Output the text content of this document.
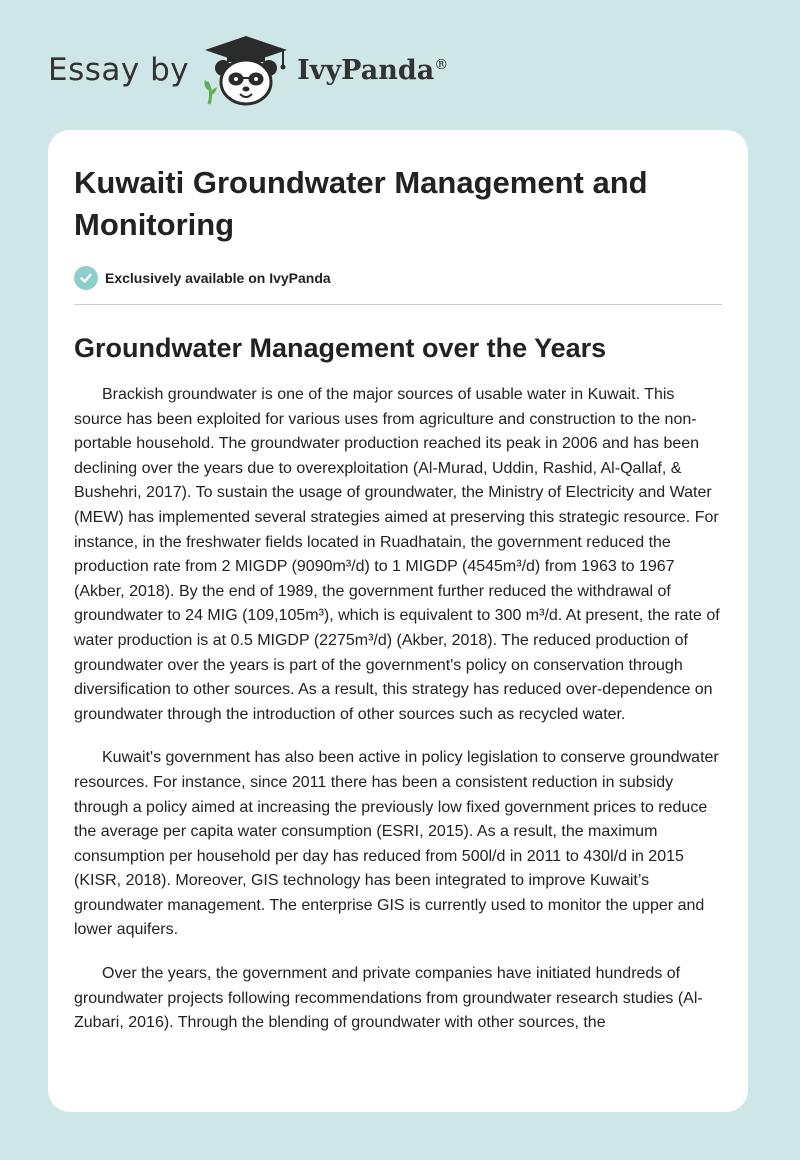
Essay by	IvyPanda®
Kuwaiti Groundwater Management and Monitoring
Exclusively available on IvyPanda
Groundwater Management over the Years

Brackish groundwater is one of the major sources of usable water in Kuwait. This source has been exploited for various uses from agriculture and construction to the non-portable household. The groundwater production reached its peak in 2006 and has been declining over the years due to overexploitation (Al-Murad, Uddin, Rashid, Al-Qallaf, & Bushehri, 2017). To sustain the usage of groundwater, the Ministry of Electricity and Water (MEW) has implemented several strategies aimed at preserving this strategic resource. For instance, in the freshwater fields located in Ruadhatain, the government reduced the production rate from 2 MIGDP (9090m³/d) to 1 MIGDP (4545m³/d) from 1963 to 1967 (Akber, 2018). By the end of 1989, the government further reduced the withdrawal of groundwater to 24 MIG (109,105m³), which is equivalent to 300 m³/d. At present, the rate of water production is at 0.5 MIGDP (2275m³/d) (Akber, 2018). The reduced production of groundwater over the years is part of the government's policy on conservation through diversification to other sources. As a result, this strategy has reduced over-dependence on groundwater through the introduction of other sources such as recycled water.

Kuwait's government has also been active in policy legislation to conserve groundwater resources. For instance, since 2011 there has been a consistent reduction in subsidy through a policy aimed at increasing the previously low fixed government prices to reduce the average per capita water consumption (ESRI, 2015). As a result, the maximum consumption per household per day has reduced from 500l/d in 2011 to 430l/d in 2015 (KISR, 2018). Moreover, GIS technology has been integrated to improve Kuwait’s groundwater management. The enterprise GIS is currently used to monitor the upper and lower aquifers.

Over the years, the government and private companies have initiated hundreds of groundwater projects following recommendations from groundwater research studies (Al-Zubari, 2016). Through the blending of groundwater with other sources, the
